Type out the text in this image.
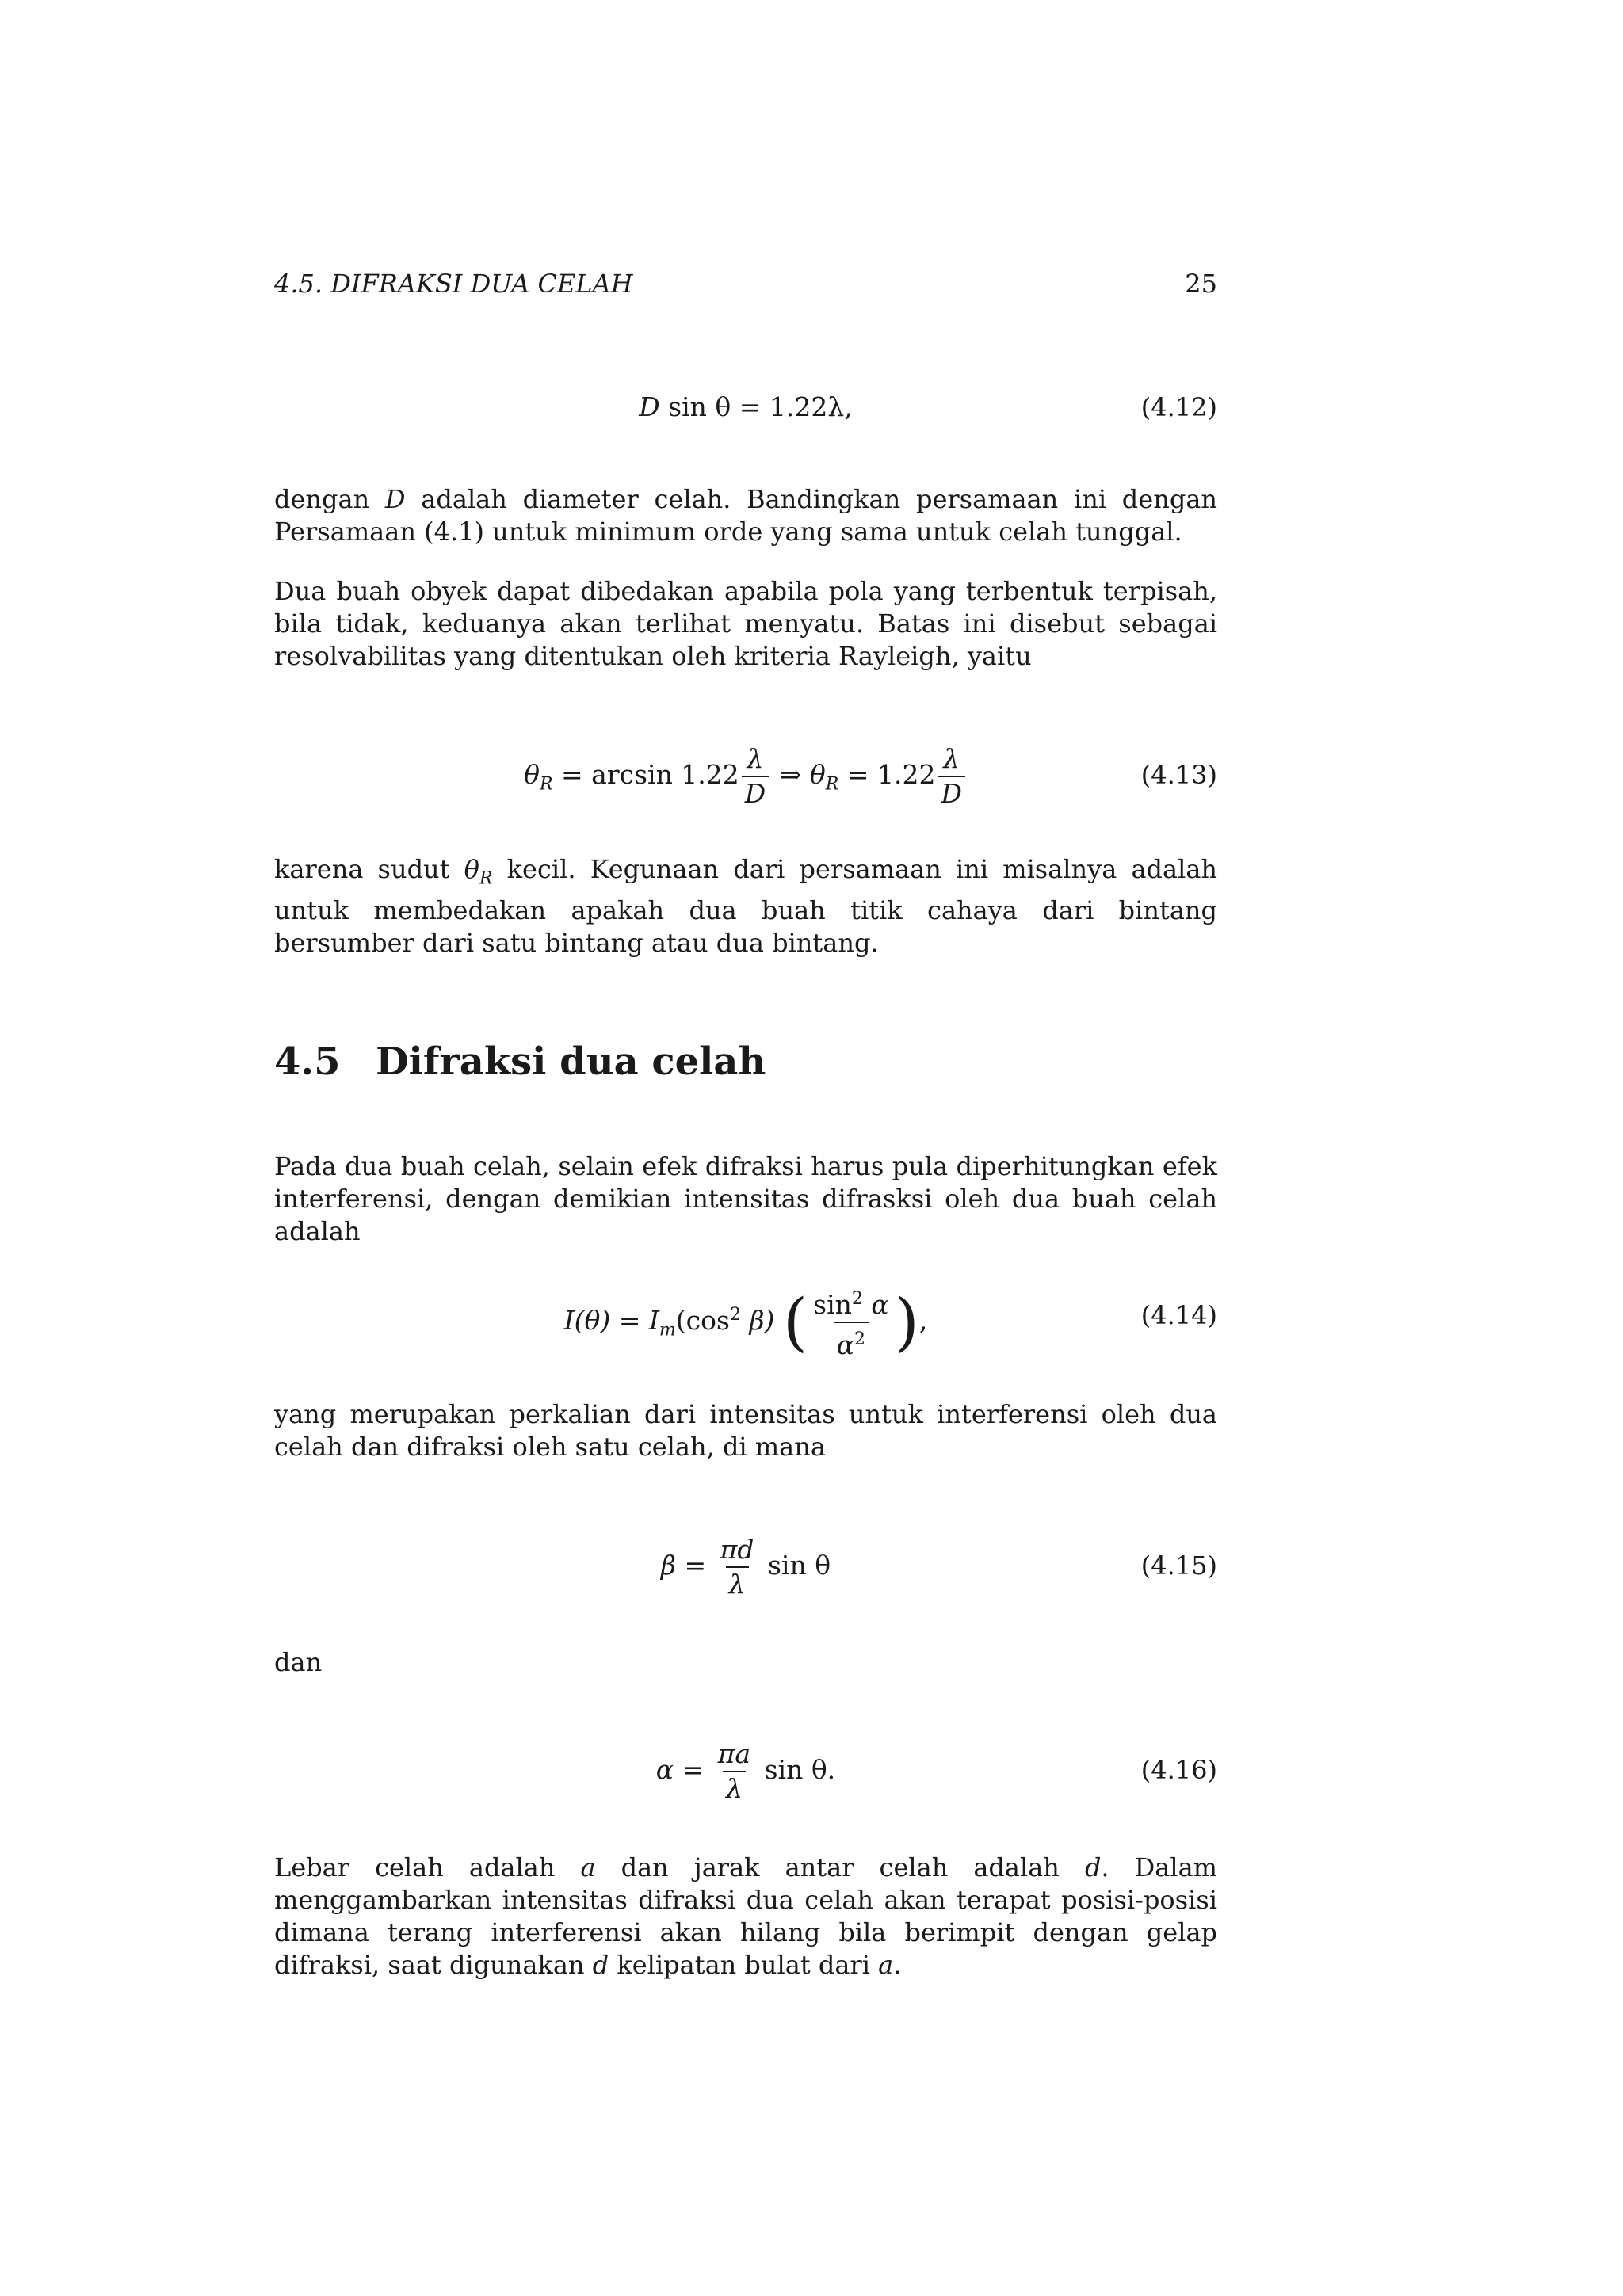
4.5. DIFRAKSI DUA CELAH	25
D sin θ = 1.22λ,	(4.12)

dengan D adalah diameter celah. Bandingkan persamaan ini dengan Persamaan (4.1) untuk minimum orde yang sama untuk celah tunggal.

Dua buah obyek dapat dibedakan apabila pola yang terbentuk terpisah, bila tidak, keduanya akan terlihat menyatu. Batas ini disebut sebagai resolvabilitas yang ditentukan oleh kriteria Rayleigh, yaitu

$\theta_R = \arcsin 1.22 \frac{\lambda}{D}$ ⇒ $\theta_R = 1.22 \frac{\lambda}{D}$	(4.13)

karena sudut $\theta_R$ kecil. Kegunaan dari persamaan ini misalnya adalah untuk membedakan apakah dua buah titik cahaya dari bintang bersumber dari satu bintang atau dua bintang.

4.5 Difraksi dua celah

Pada dua buah celah, selain efek difraksi harus pula diperhitungkan efek interferensi, dengan demikian intensitas difrasksi oleh dua buah celah adalah

$I(\theta) = I_m(\cos^2$ β) ( $\frac{\sin^2 \alpha}{\alpha^2}$ ),	(4.14)

yang merupakan perkalian dari intensitas untuk interferensi oleh dua celah dan difraksi oleh satu celah, di mana

$\beta = \frac{\pi d}{\lambda}$ sin θ	(4.15)

dan

$\alpha = \frac{\pi a}{\lambda}$ sin θ.	(4.16)

Lebar celah adalah a dan jarak antar celah adalah d. Dalam menggambarkan intensitas difraksi dua celah akan terapat posisi-posisi dimana terang interferensi akan hilang bila berimpit dengan gelap difraksi, saat digunakan d kelipatan bulat dari a.
